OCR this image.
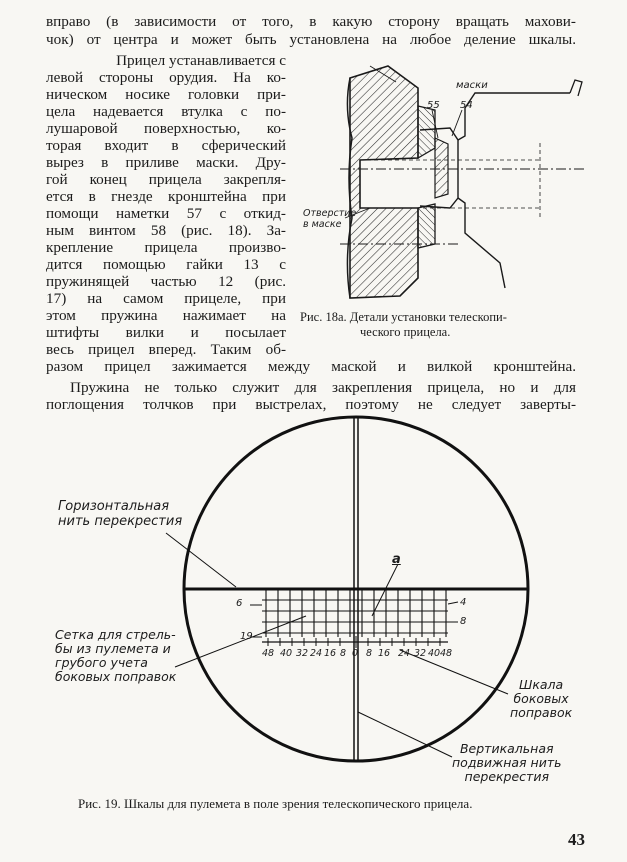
вправо (в зависимости от того, в какую сторону вращать махови-
чок) от центра и может быть установлена на любое деление шкалы.
Прицел устанавливается с
левой стороны орудия. На ко-
ническом носике головки при-
цела надевается втулка с по-
лушаровой поверхностью, ко-
торая входит в сферический
вырез в приливе маски. Дру-
гой конец прицела закрепля-
ется в гнезде кронштейна при
помощи наметки 57 с откид-
ным винтом 58 (рис. 18). За-
крепление прицела произво-
дится помощью гайки 13 с
пружинящей частью 12 (рис.
17) на самом прицеле, при
этом пружина нажимает на
штифты вилки и посылает
весь прицел вперед. Таким об-
разом прицел зажимается между маской и вилкой кронштейна.
Пружина не только служит для закрепления прицела, но и для
поглощения толчков при выстрелах, поэтому не следует заверты-
маски
55 54
Отверстие
в маске
Рис. 18а. Детали установки телескопи-
ческого прицела.
Горизонтальная
нить перекрестия
Сетка для стрель-
бы из пулемета и
грубого учета
боковых поправок
Шкала
боковых
поправок
Вертикальная
подвижная нить
перекрестия
а
6	4
8
19
48 40 32 24 16 8 0 8 16 24 32 40 48
Рис. 19. Шкалы для пулемета в поле зрения телескопического прицела.
43
